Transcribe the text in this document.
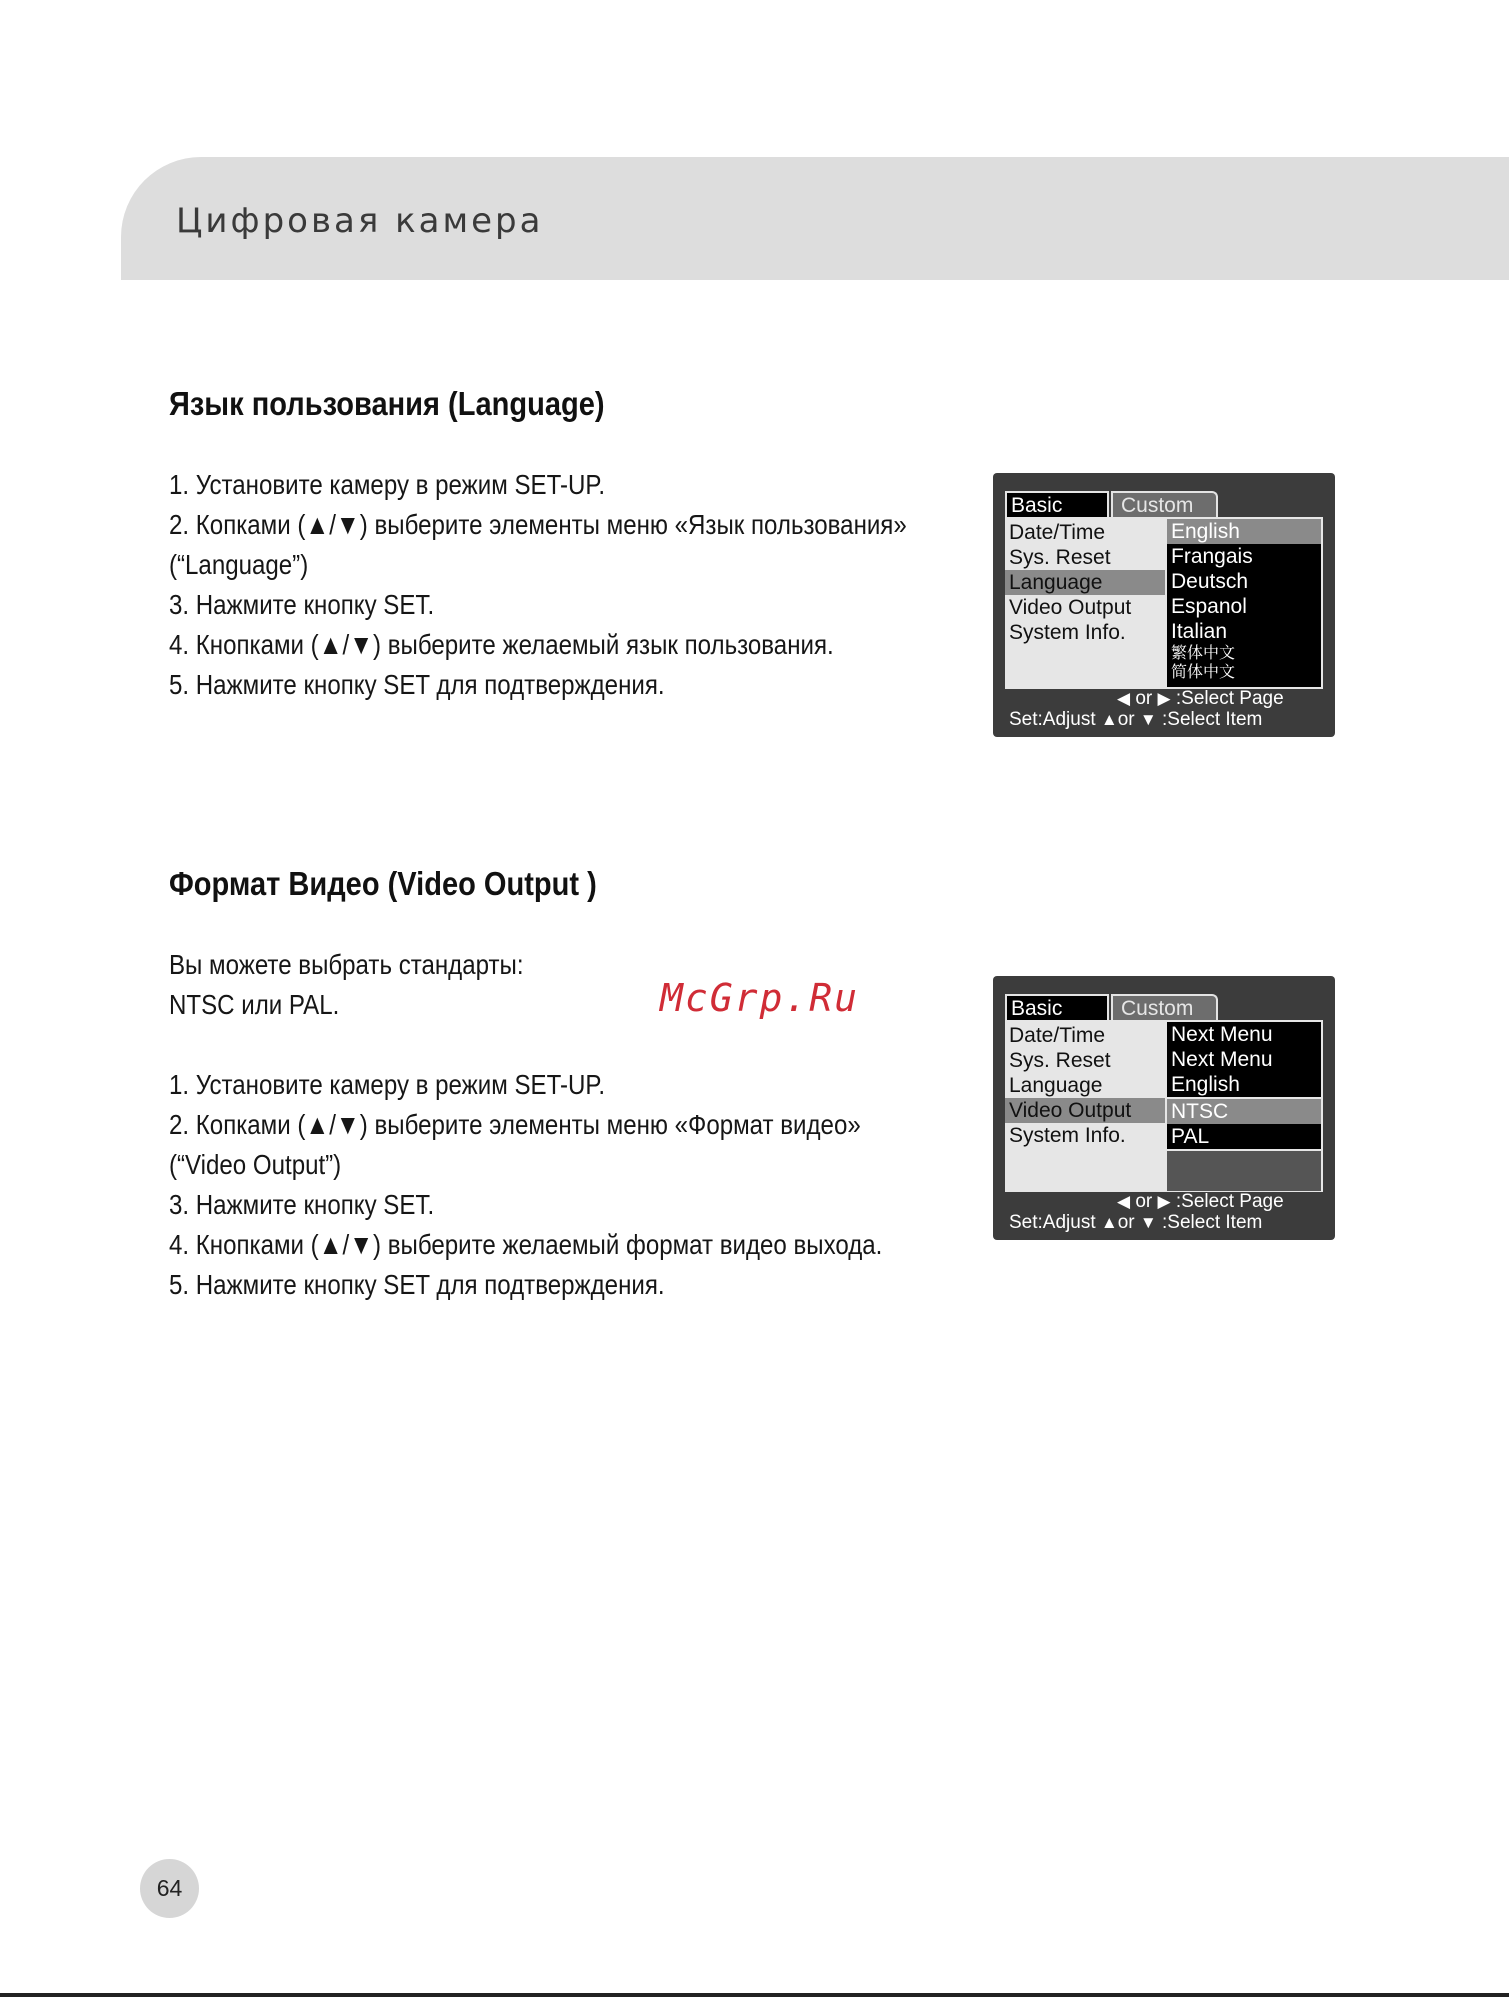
Цифровая камера
Язык пользования (Language)
1. Установите камеру в режим SET-UP.
2. Копками (▲/▼) выберите элементы меню «Язык пользования»
(“Language”)
3. Нажмите кнопку SET.
4. Кнопками (▲/▼) выберите желаемый язык пользования.
5. Нажмите кнопку SET для подтверждения.
Basic	Custom
Date/Time
Sys. Reset
Language
Video Output
System Info.
English
Frangais
Deutsch
Espanol
Italian
繁体中文
简体中文
◀ or ▶ :Select Page
Set:Adjust ▲or ▼ :Select Item
Формат Видео (Video Output )
Вы можете выбрать стандарты:
NTSC или PAL.
1. Установите камеру в режим SET-UP.
2. Копками (▲/▼) выберите элементы меню «Формат видео»
(“Video Output”)
3. Нажмите кнопку SET.
4. Кнопками (▲/▼) выберите желаемый формат видео выхода.
5. Нажмите кнопку SET для подтверждения.
Basic	Custom
Date/Time
Sys. Reset
Language
Video Output
System Info.
Next Menu
Next Menu
English
NTSC
PAL
◀ or ▶ :Select Page
Set:Adjust ▲or ▼ :Select Item
McGrp.Ru
64
